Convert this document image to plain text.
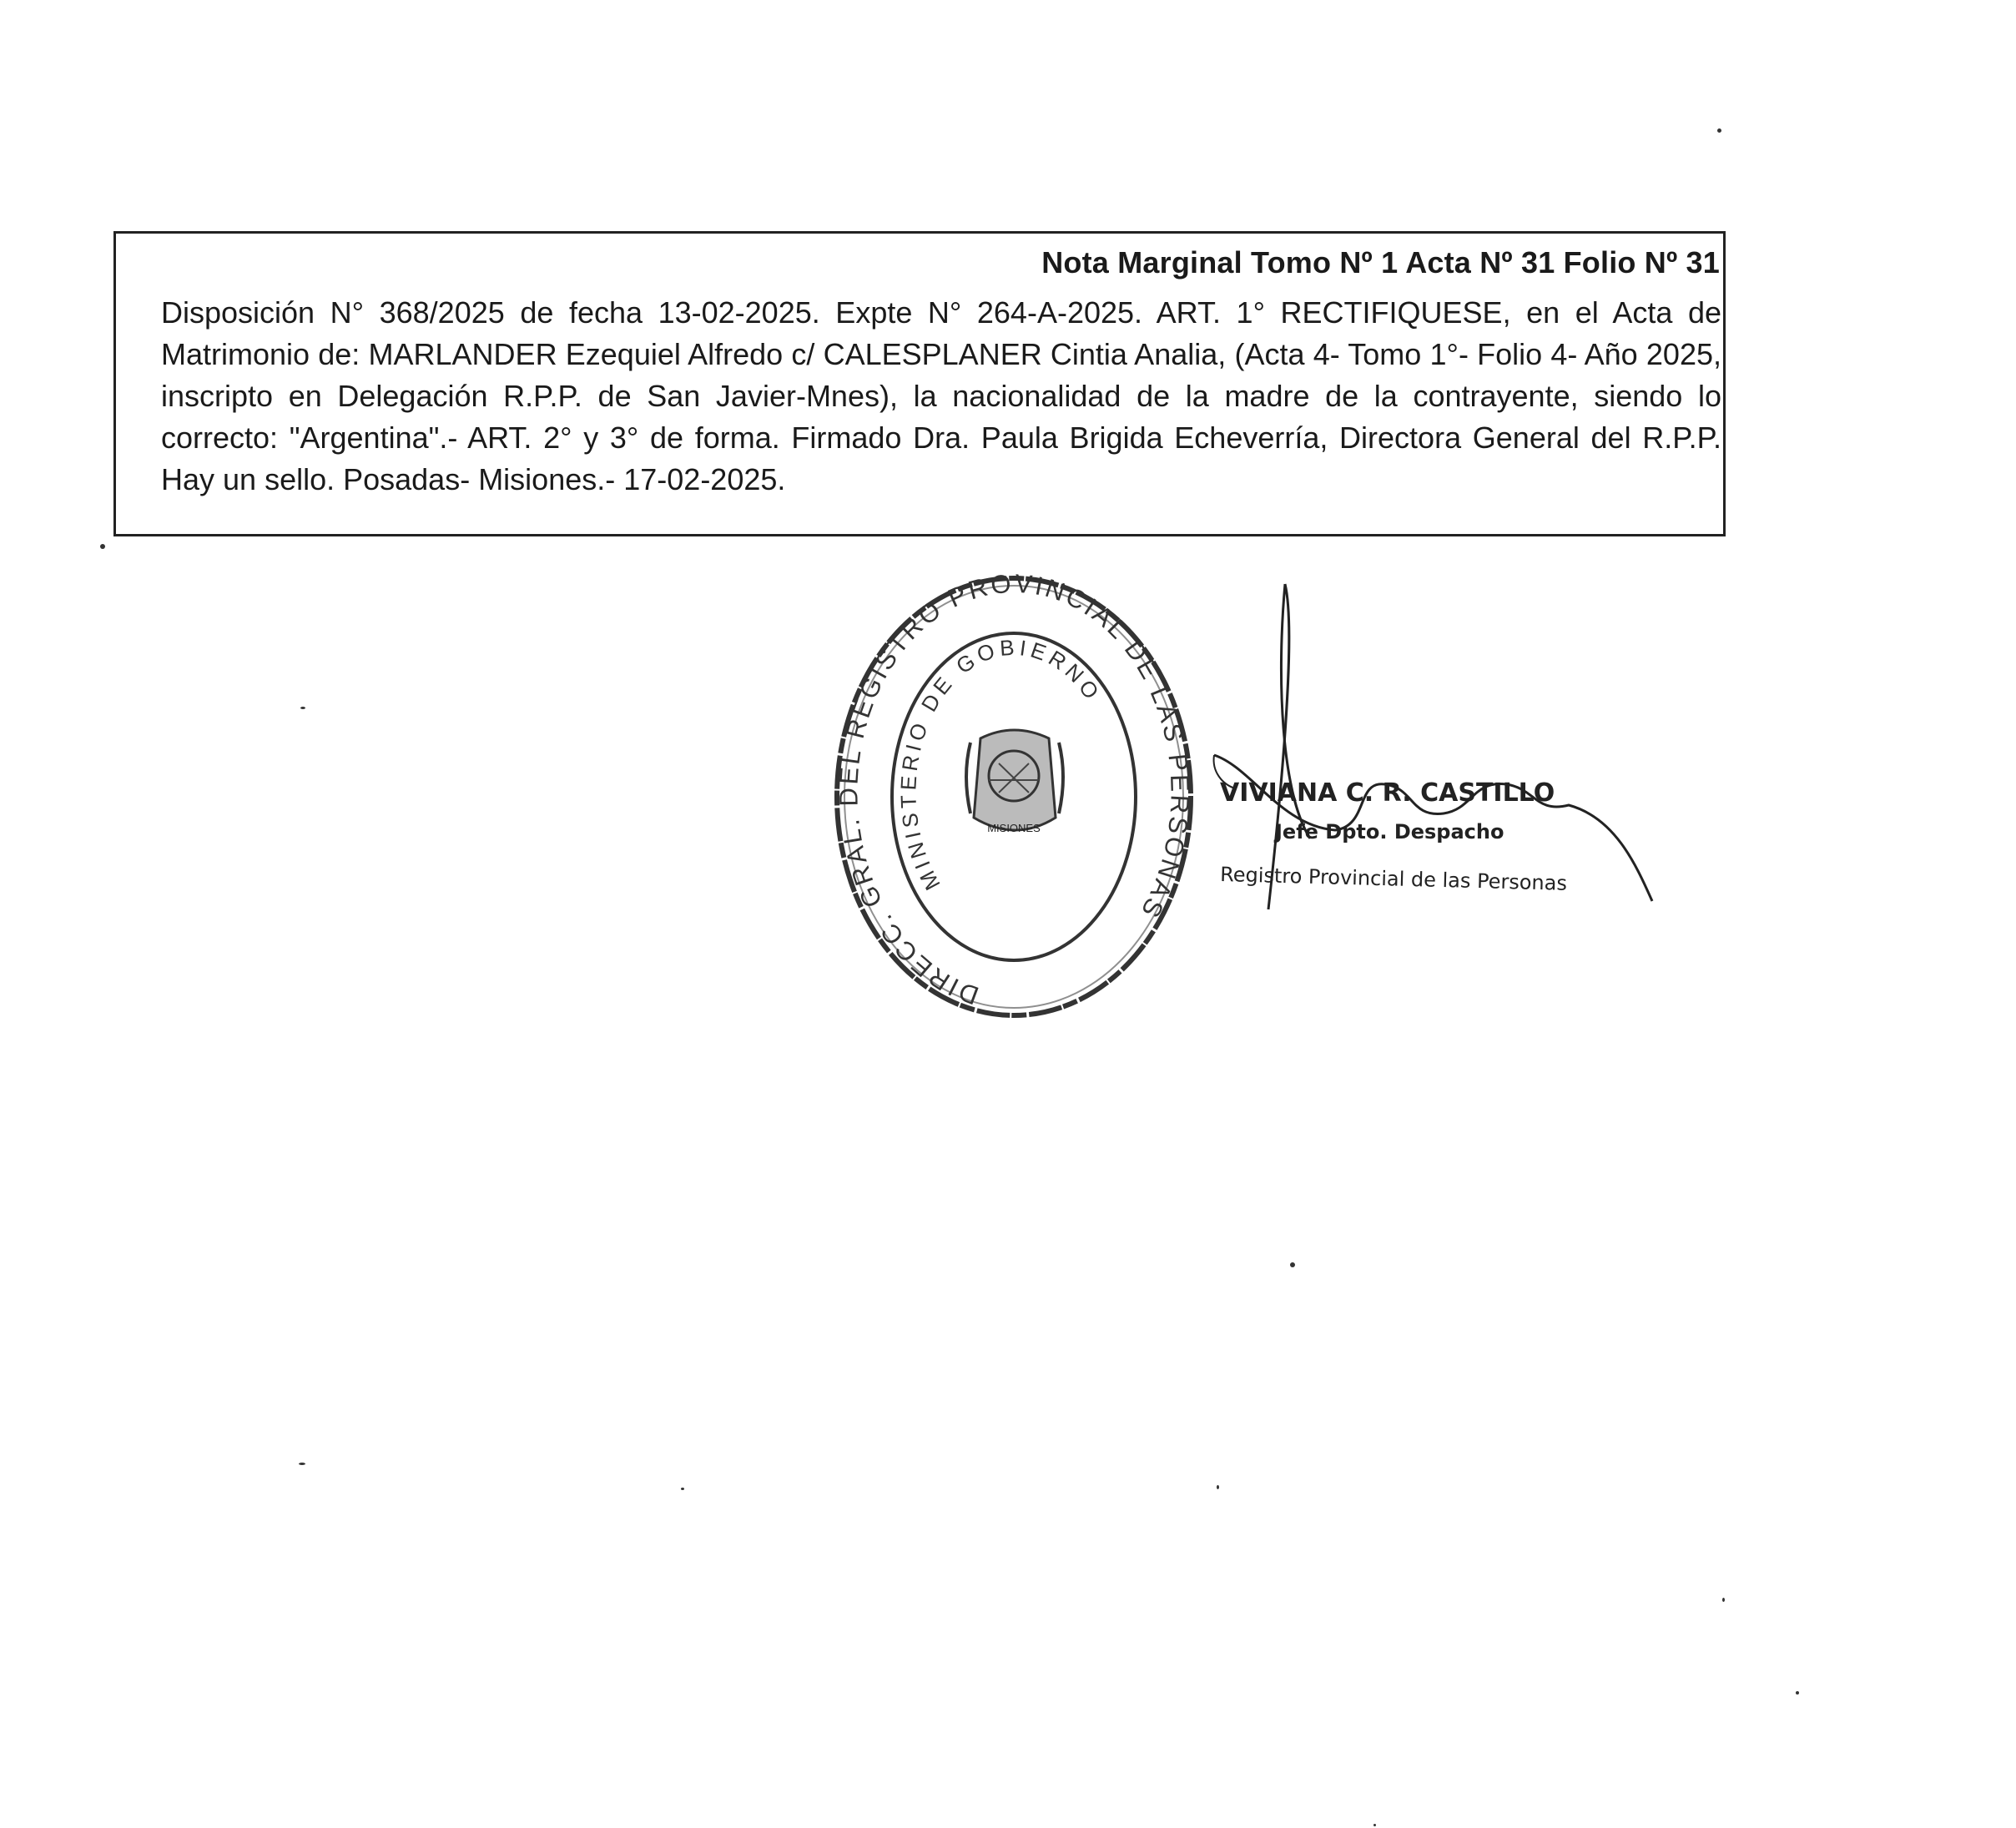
Nota Marginal Tomo Nº 1 Acta Nº 31 Folio Nº 31

Disposición N° 368/2025 de fecha 13-02-2025. Expte N° 264-A-2025. ART. 1° RECTIFIQUESE, en el Acta de Matrimonio de: MARLANDER Ezequiel Alfredo c/ CALESPLANER Cintia Analia, (Acta 4- Tomo 1°- Folio 4- Año 2025, inscripto en Delegación R.P.P. de San Javier-Mnes), la nacionalidad de la madre de la contrayente, siendo lo correcto: "Argentina".- ART. 2° y 3° de forma. Firmado Dra. Paula Brigida Echeverría, Directora General del R.P.P. Hay un sello. Posadas- Misiones.- 17-02-2025.

DIRECC. GRAL. DEL REGISTRO PROVINCIAL DE LAS PERSONAS
MINISTERIO DE GOBIERNO
MISIONES
VIVIANA C. R. CASTILLO
Jefe Dpto. Despacho
Registro Provincial de las Personas
